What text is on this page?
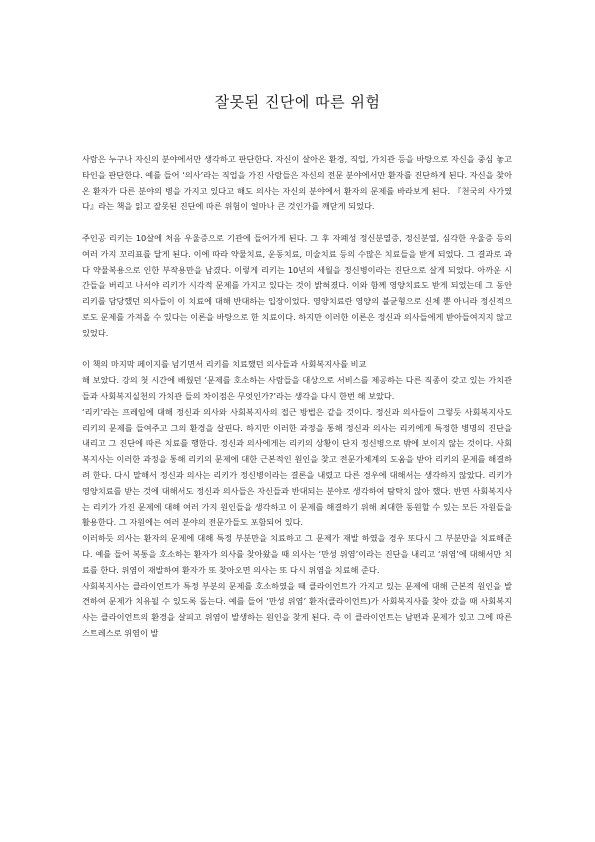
잘못된 진단에 따른 위험

사람은 누구나 자신의 분야에서만 생각하고 판단한다. 자신이 살아온 환경, 직업, 가치관 등을 바탕으로 자신을 중심 놓고 타인을 판단한다. 예를 들어 ‘의사’라는 직업을 가진 사람들은 자신의 전문 분야에서만 환자를 진단하게 된다. 자신을 찾아온 환자가 다른 분야의 병을 가지고 있다고 해도 의사는 자신의 분야에서 환자의 문제를 바라보게 된다. 『천국의 사가였다』라는 책을 읽고 잘못된 진단에 따른 위험이 얼마나 큰 것인가를 깨닫게 되었다.

주인공 리키는 10살에 처음 우울증으로 기관에 들어가게 된다. 그 후 자폐성 정신분열증, 정신분열, 심각한 우울증 등의 여러 가지 꼬리표를 달게 된다. 이에 따라 약물치료, 운동치료, 미술치료 등의 수많은 치료들을 받게 되었다. 그 결과로 과다 약물복용으로 인한 부작용만을 남겼다. 이렇게 리키는 10년의 세월을 정신병이라는 진단으로 살게 되었다. 아까운 시간들을 버리고 나서야 리키가 시각적 문제를 가지고 있다는 것이 밝혀졌다. 이와 함께 영양치료도 받게 되었는데 그 동안 리키를 담당했던 의사들이 이 치료에 대해 반대하는 입장이었다. 영양치료란 영양의 불균형으로 신체 뿐 아니라 정신적으로도 문제를 가져올 수 있다는 이론을 바탕으로 한 치료이다. 하지만 이러한 이론은 정신과 의사들에게 받아들여지지 않고 있었다.

이 책의 마지막 페이지를 넘기면서 리키를 치료했던 의사들과 사회복지사를 비교

해 보았다. 강의 첫 시간에 배웠던 ‘문제를 호소하는 사람들을 대상으로 서비스를 제공하는 다른 직종이 갖고 있는 가치관 들과 사회복지실천의 가치관 들의 차이점은 무엇인가?’라는 생각을 다시 한번 해 보았다.

‘리키’라는 프레임에 대해 정신과 의사와 사회복지사의 접근 방법은 같을 것이다. 정신과 의사들이 그렇듯 사회복지사도 리키의 문제를 들여주고 그의 환경을 살핀다. 하지만 이러한 과정을 통해 정신과 의사는 리키에게 특정한 병명의 진단을 내리고 그 진단에 따른 치료를 행한다. 정신과 의사에게는 리키의 상황이 단지 정신병으로 밖에 보이지 않는 것이다. 사회복지사는 이러한 과정을 통해 리키의 문제에 대한 근본적인 원인을 찾고 전문가체계의 도움을 받아 리키의 문제를 해결하려 한다. 다시 말해서 정신과 의사는 리키가 정신병이라는 결론을 내렸고 다른 경우에 대해서는 생각하지 않았다. 리키가 영양치료를 받는 것에 대해서도 정신과 의사들은 자신들과 반대되는 분야로 생각하여 탐탁치 않아 했다. 반면 사회복지사는 리키가 가진 문제에 대해 여러 가지 원인들을 생각하고 이 문제를 해결하기 위해 최대한 동원할 수 있는 모든 자원들을 활용한다. 그 자원에는 여러 분야의 전문가들도 포함되어 있다.

이러하듯 의사는 환자의 문제에 대해 특정 부분만을 치료하고 그 문제가 재발 하였을 경우 또다시 그 부분만을 치료해준다. 예를 들어 복통을 호소하는 환자가 의사를 찾아왔을 때 의사는 ‘만성 위염’이라는 진단을 내리고 ‘위염’에 대해서만 치료를 한다. 위염이 재발하여 환자가 또 찾아오면 의사는 또 다시 위염을 치료해 준다.

사회복지사는 클라이언트가 특정 부분의 문제를 호소하였을 때 클라이언트가 가지고 있는 문제에 대해 근본적 원인을 발견하여 문제가 치유될 수 있도록 돕는다. 예를 들어 ‘만성 위염’ 환자(클라이언트)가 사회복지사를 찾아 갔을 때 사회복지사는 클라이언트의 환경을 살피고 위염이 발생하는 원인을 찾게 된다. 즉 이 클라이언트는 남편과 문제가 있고 그에 따른 스트레스로 위염이 발
